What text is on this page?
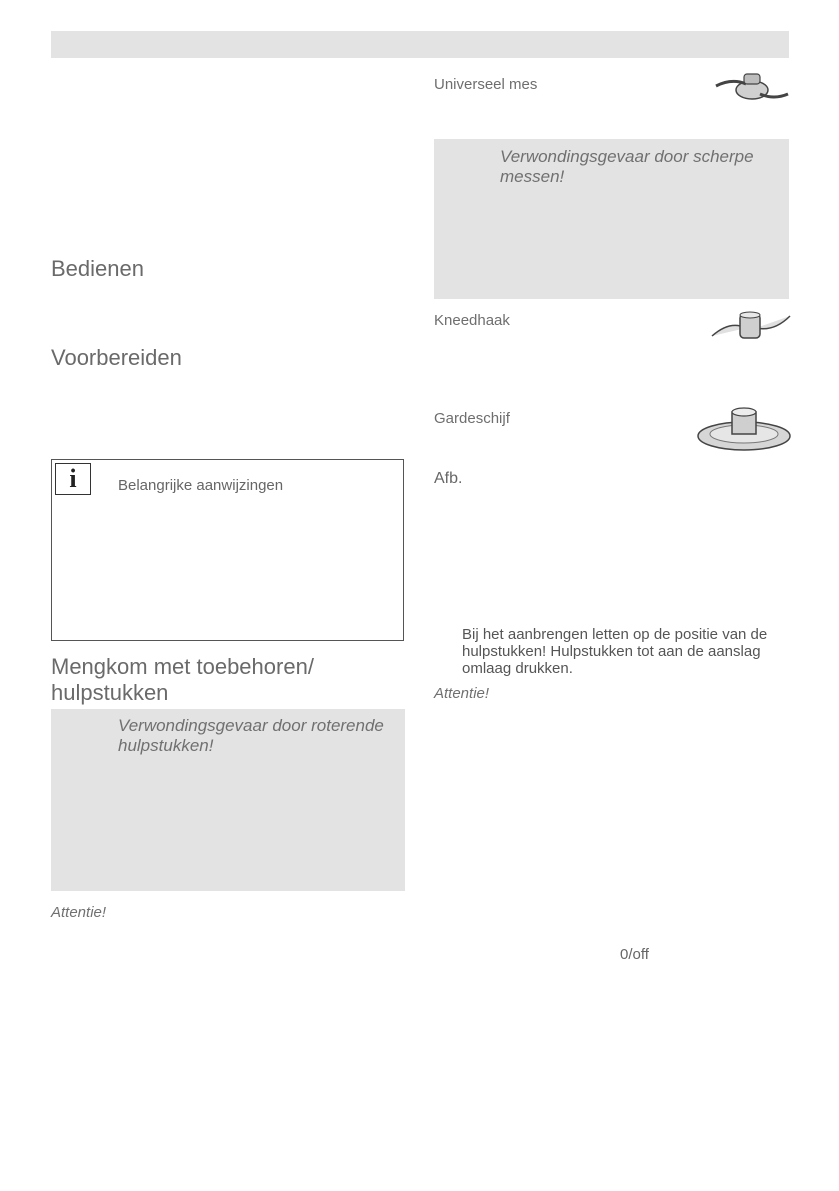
Bedienen
Voorbereiden
i	Belangrijke aanwijzingen
Mengkom met toebehoren/
hulpstukken
Verwondingsgevaar door roterende hulpstukken!
Attentie!
Universeel mes
Verwondingsgevaar door scherpe messen!
Kneedhaak
Gardeschijf
Afb.
Bij het aanbrengen letten op de positie van de hulpstukken! Hulpstukken tot aan de aanslag omlaag drukken.
Attentie!
0/off
